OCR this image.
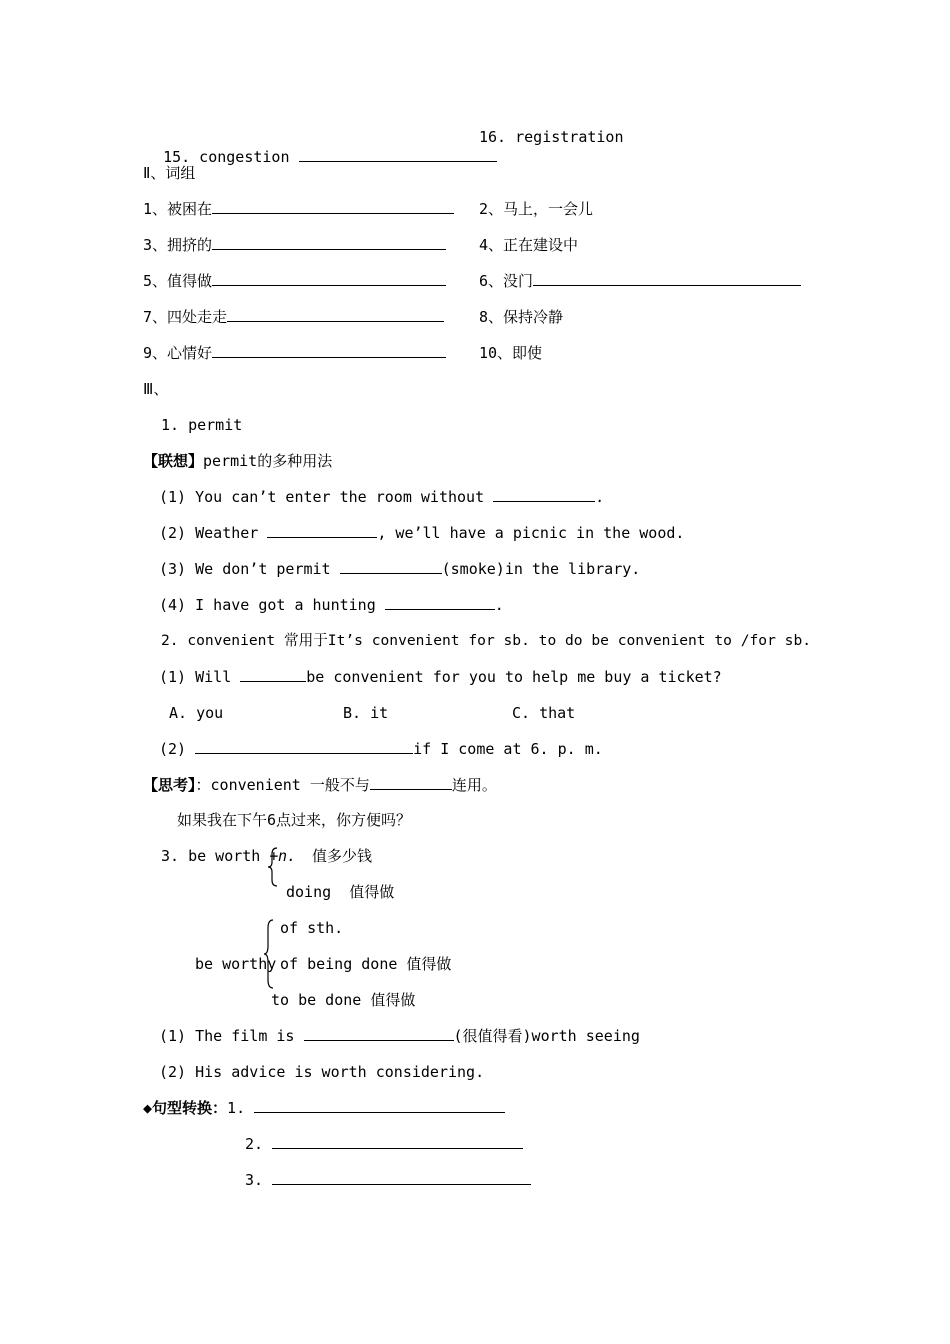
15. congestion

16. registration
Ⅱ、词组
1、被困在	2、马上，一会儿
3、拥挤的	4、正在建设中
5、值得做	6、没门
7、四处走走	8、保持冷静
9、心情好	10、即使
Ⅲ、
1. permit
【联想】permit的多种用法
(1) You can’t enter the room without	.
(2) Weather	, we’ll have a picnic in the wood.
(3) We don’t permit	(smoke)in the library.
(4) I have got a hunting	.
2. convenient 常用于It’s convenient for sb. to do be convenient to /for sb.
(1) Will	be convenient for you to help me buy a ticket?
A. you	B. it	C. that
(2)	if I come at 6. p. m.
【思考】：convenient 一般不与	连用。
如果我在下午6点过来，你方便吗？
3. be worth + n. 值多少钱
doing  值得做
of sth.
be worthy of being done 值得做
to be done 值得做
(1) The film is	(很值得看)worth seeing
(2) His advice is worth considering.
◆句型转换：1.
2.
3.
